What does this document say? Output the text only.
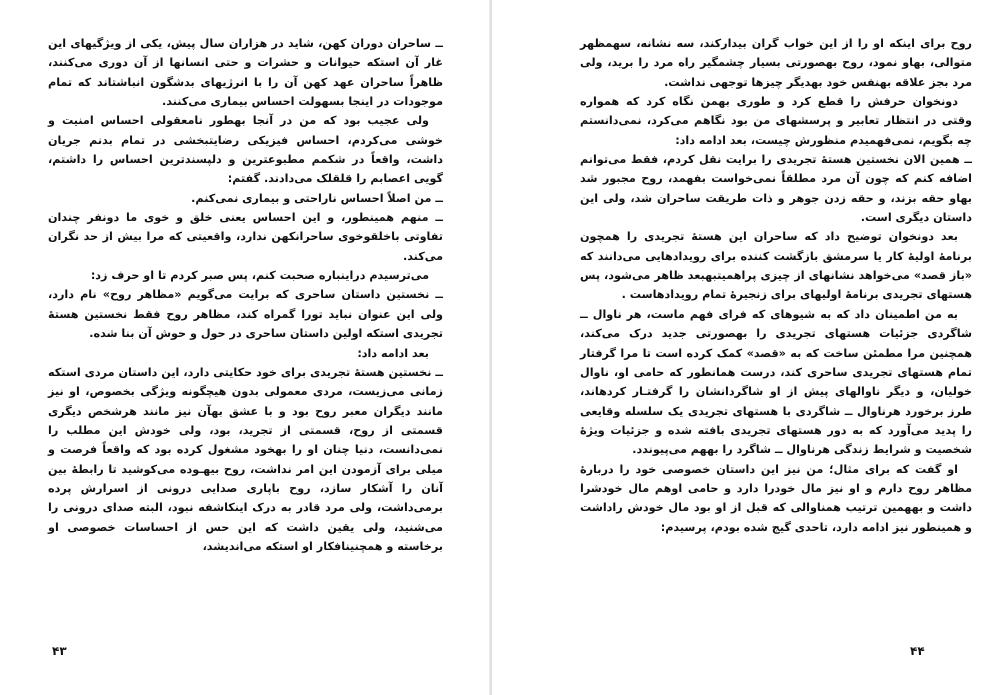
ــ ساحران دوران کهن، شاید در هزاران سال پیش، یکی از ویژگیهای این غار آن استکه حیوانات و حشرات و حتی انسانها از آن دوری می‌کنند، ظاهراً ساحران عهد کهن آن را با انرژیهای بدشگون انباشتاند که تمام موجودات در اینجا بسهولت احساس بیماری می‌کنند.

ولی عجیب بود که من در آنجا بهطور نامعقولی احساس امنیت و خوشی می‌کردم، احساس فیزیکی رضایتبخشی در تمام بدنم جریان داشت، واقعاً در شکمم مطبوعترین و دلپسندترین احساس را داشتم، گویی اعصابم را قلقلک می‌دادند. گفتم:

ــ من اصلاً احساس ناراحتی و بیماری نمی‌کنم.

ــ منهم همینطور، و این احساس یعنی خلق و خوی ما دونفر چندان تفاوتی باخلقوخوی ساحرانکهن ندارد، واقعیتی که مرا بیش از حد نگران می‌کند.

می‌ترسیدم دراینباره صحبت کنم، پس صبر کردم تا او حرف زد:

ــ نخستین داستان ساحری که برایت می‌گویم «مظاهر روح» نام دارد، ولی این عنوان نباید تورا گمراه کند، مظاهر روح فقط نخستین هستهٔ تجریدی استکه اولین داستان ساحری در حول و حوش آن بنا شده.

بعد ادامه داد:

ــ نخستین هستهٔ تجریدی برای خود حکایتی دارد، این داستان مردی استکه زمانی می‌زیست، مردی معمولی بدون هیچگونه ویژگی بخصوص، او نیز مانند دیگران معبر روح بود و با عشق بهآن نیز مانند هرشخص دیگری قسمتی از روح، قسمتی از تجرید، بود، ولی خودش این مطلب را نمی‌دانست، دنیا چنان او را بهخود مشغول کرده بود که واقعاً فرصت و میلی برای آزمودن این امر نداشت، روح بیهـوده می‌کوشید تا رابطهٔ بین آنان را آشکار سازد، روح باپاری صدایی درونی از اسرارش پرده برمی‌داشت، ولی مرد قادر به درک اینکاشفه نبود، البته صدای درونی را می‌شنید، ولی یقین داشت که این حس از احساسات خصوصی او برخاسته و همچنینافکار او استکه می‌اندیشد،

۴۳

روح برای اینکه او را از این خواب گران بیدارکند، سه نشانه، سهمظهر متوالی، بهاو نمود، روح بهصورتی بسیار چشمگیر راه مرد را برید، ولی مرد بجز علاقه بهنفس خود بهدیگر چیزها توجهی نداشت.

دونخوان حرفش را قطع کرد و طوری بهمن نگاه کرد که همواره وقتی در انتظار تعابیر و پرسشهای من بود نگاهم می‌کرد، نمی‌دانستم چه بگویم، نمی‌فهمیدم منظورش چیست، بعد ادامه داد:

ــ همین الان نخستین هستهٔ تجریدی را برایت نقل کردم، فقط می‌توانم اضافه کنم که چون آن مرد مطلقاً نمی‌خواست بفهمد، روح مجبور شد بهاو حقه بزند، و حقه زدن جوهر و ذات طریقت ساحران شد، ولی این داستان دیگری است.

بعد دونخوان توضیح داد که ساحران این هستهٔ تجریدی را همچون برنامهٔ اولیهٔ کار یا سرمشق بازگشت کننده برای رویدادهایی می‌دانند که «باز قصد» می‌خواهد نشانهای از چیزی پراهمیتبهبعد ظاهر می‌شود، پس هستهای تجریدی برنامهٔ اولیهای برای زنجیرهٔ تمام رویدادهاست .

به من اطمینان داد که به شیوهای که فرای فهم ماست، هر ناوال ــ شاگردی جزئیات هستهای تجریدی را بهصورتی جدید درک می‌کند، همچنین مرا مطمئن ساخت که به «قصد» کمک کرده است تا مرا گرفتار تمام هستهای تجریدی ساحری کند، درست همانطور که حامی او، ناوال خولیان، و دیگر ناوالهای پیش از او شاگردانشان را گرفتـار کردهاند، طرز برخورد هرناوال ــ شاگردی با هستهای تجریدی یک سلسله وقایعی را پدید می‌آورد که به دور هستهای تجریدی بافته شده و جزئیات ویژهٔ شخصیت و شرایط زندگی هرناوال ــ شاگرد را بههم می‌پیوندد.

او گفت که برای مثال؛ من نیز این داستان خصوصی خود را دربارهٔ مظاهر روح دارم و او نیز مال خودرا دارد و حامی اوهم مال خودشرا داشت و بههمین ترتیب همناوالی که قبل از او بود مال خودش راداشت و همینطور نیز ادامه دارد، تاحدی گیج شده بودم، پرسیدم:

۴۴
